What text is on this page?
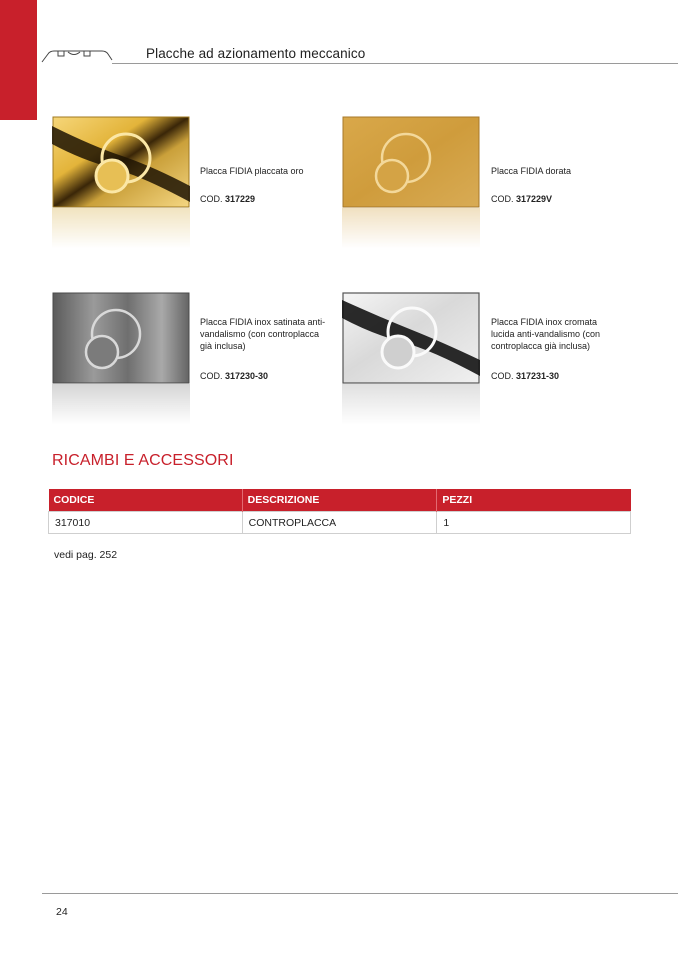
Placche ad azionamento meccanico
Placca FIDIA placcata oro
COD. 317229
Placca FIDIA dorata
COD. 317229V
Placca FIDIA inox satinata anti-vandalismo (con controplacca già inclusa)
COD. 317230-30
Placca FIDIA inox cromata lucida anti-vandalismo (con controplacca già inclusa)
COD. 317231-30
RICAMBI E ACCESSORI
CODICE	DESCRIZIONE	PEZZI
317010	CONTROPLACCA	1
vedi pag. 252
24
